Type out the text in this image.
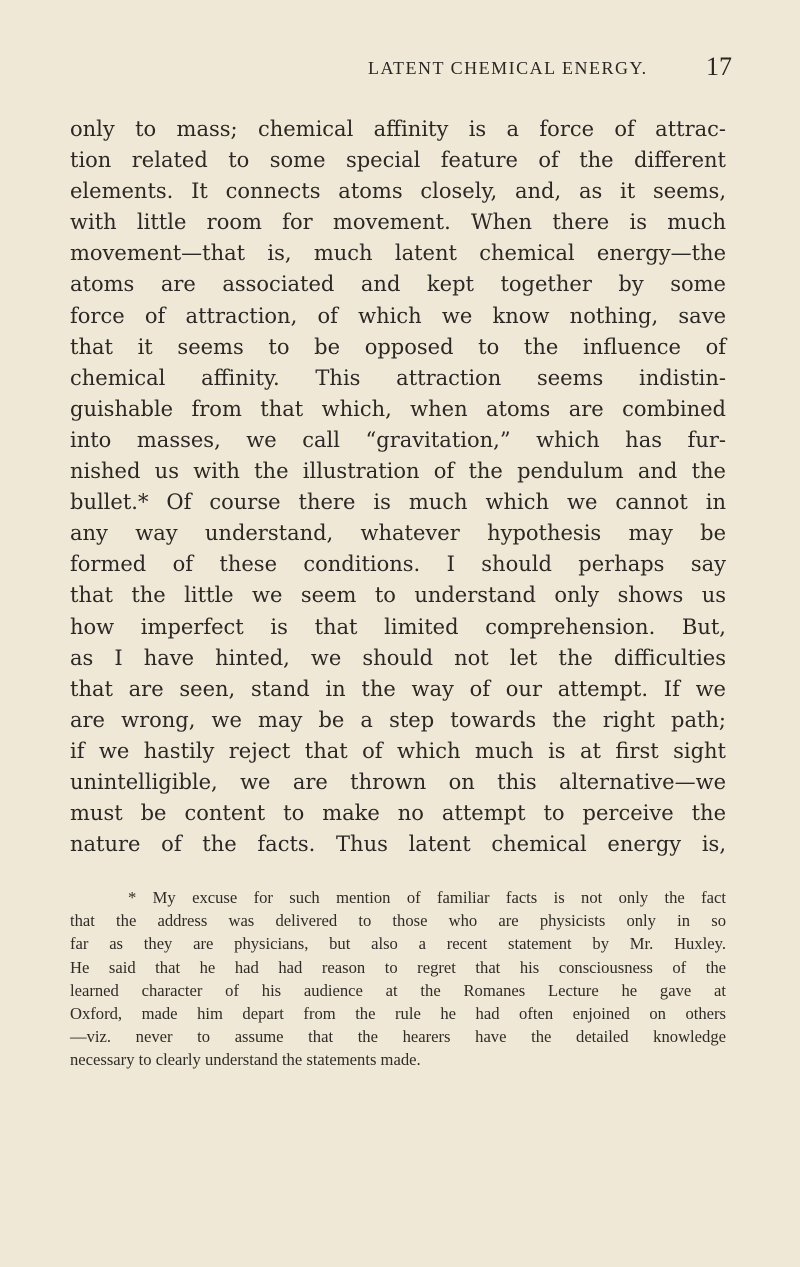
LATENT CHEMICAL ENERGY. 17
only to mass; chemical affinity is a force of attrac-
tion related to some special feature of the different
elements. It connects atoms closely, and, as it seems,
with little room for movement. When there is much
movement—that is, much latent chemical energy—the
atoms are associated and kept together by some
force of attraction, of which we know nothing, save
that it seems to be opposed to the influence of
chemical affinity. This attraction seems indistin-
guishable from that which, when atoms are combined
into masses, we call “gravitation,” which has fur-
nished us with the illustration of the pendulum and the
bullet.* Of course there is much which we cannot in
any way understand, whatever hypothesis may be
formed of these conditions. I should perhaps say
that the little we seem to understand only shows us
how imperfect is that limited comprehension. But,
as I have hinted, we should not let the difficulties
that are seen, stand in the way of our attempt. If we
are wrong, we may be a step towards the right path;
if we hastily reject that of which much is at first sight
unintelligible, we are thrown on this alternative—we
must be content to make no attempt to perceive the
nature of the facts. Thus latent chemical energy is,
* My excuse for such mention of familiar facts is not only the fact
that the address was delivered to those who are physicists only in so
far as they are physicians, but also a recent statement by Mr. Huxley.
He said that he had had reason to regret that his consciousness of the
learned character of his audience at the Romanes Lecture he gave at
Oxford, made him depart from the rule he had often enjoined on others
—viz. never to assume that the hearers have the detailed knowledge
necessary to clearly understand the statements made.
